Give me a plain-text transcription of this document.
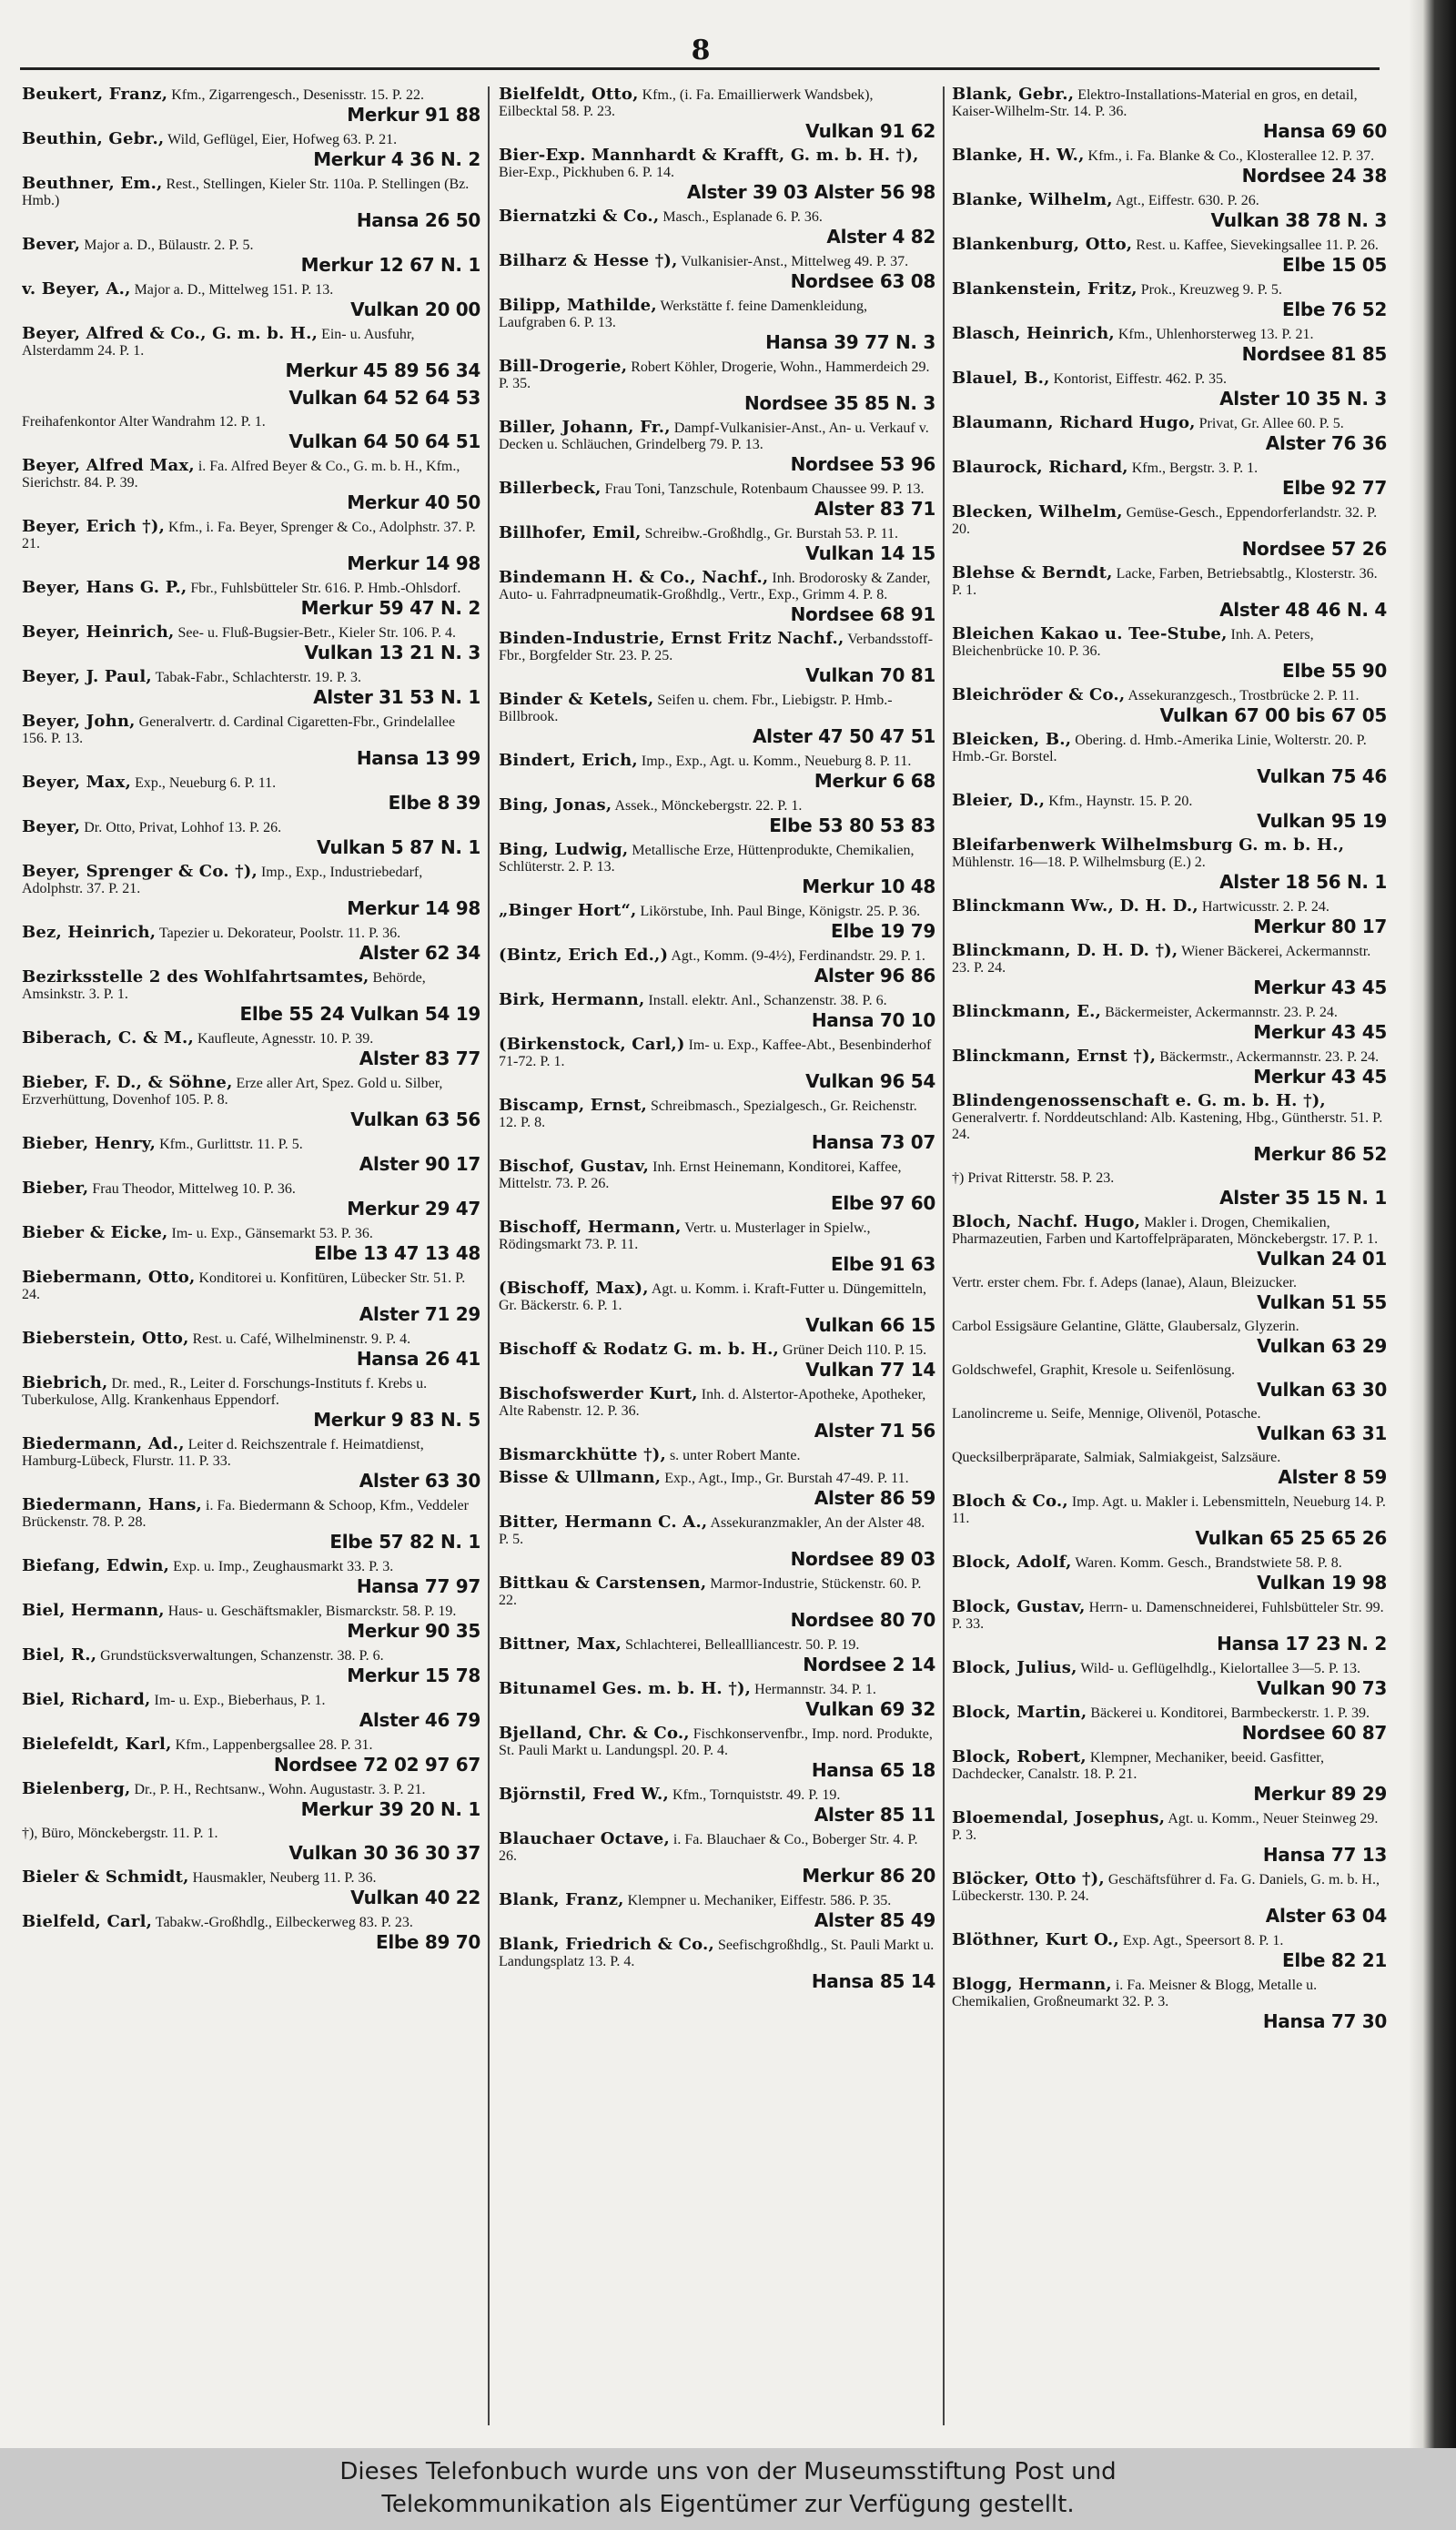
8
Beukert, Franz, Kfm., Zigarrengesch., Desenisstr. 15. P. 22.
Merkur 91 88
Beuthin, Gebr., Wild, Geflügel, Eier, Hofweg 63. P. 21.
Merkur 4 36 N. 2
Beuthner, Em., Rest., Stellingen, Kieler Str. 110a. P. Stellingen (Bz. Hmb.)
Hansa 26 50
Bever, Major a. D., Bülaustr. 2. P. 5.
Merkur 12 67 N. 1
v. Beyer, A., Major a. D., Mittelweg 151. P. 13.
Vulkan 20 00
Beyer, Alfred & Co., G. m. b. H., Ein- u. Ausfuhr, Alsterdamm 24. P. 1.
Merkur 45 89 56 34
Vulkan 64 52 64 53
Freihafenkontor Alter Wandrahm 12. P. 1.
Vulkan 64 50 64 51
Beyer, Alfred Max, i. Fa. Alfred Beyer & Co., G. m. b. H., Kfm., Sierichstr. 84. P. 39.
Merkur 40 50
Beyer, Erich †), Kfm., i. Fa. Beyer, Sprenger & Co., Adolphstr. 37. P. 21.
Merkur 14 98
Beyer, Hans G. P., Fbr., Fuhlsbütteler Str. 616. P. Hmb.-Ohlsdorf.
Merkur 59 47 N. 2
Beyer, Heinrich, See- u. Fluß-Bugsier-Betr., Kieler Str. 106. P. 4.
Vulkan 13 21 N. 3
Beyer, J. Paul, Tabak-Fabr., Schlachterstr. 19. P. 3.
Alster 31 53 N. 1
Beyer, John, Generalvertr. d. Cardinal Cigaretten-Fbr., Grindelallee 156. P. 13.
Hansa 13 99
Beyer, Max, Exp., Neueburg 6. P. 11.
Elbe 8 39
Beyer, Dr. Otto, Privat, Lohhof 13. P. 26.
Vulkan 5 87 N. 1
Beyer, Sprenger & Co. †), Imp., Exp., Industriebedarf, Adolphstr. 37. P. 21.
Merkur 14 98
Bez, Heinrich, Tapezier u. Dekorateur, Poolstr. 11. P. 36.
Alster 62 34
Bezirksstelle 2 des Wohlfahrtsamtes, Behörde, Amsinkstr. 3. P. 1.
Elbe 55 24 Vulkan 54 19
Biberach, C. & M., Kaufleute, Agnesstr. 10. P. 39.
Alster 83 77
Bieber, F. D., & Söhne, Erze aller Art, Spez. Gold u. Silber, Erzverhüttung, Dovenhof 105. P. 8.
Vulkan 63 56
Bieber, Henry, Kfm., Gurlittstr. 11. P. 5.
Alster 90 17
Bieber, Frau Theodor, Mittelweg 10. P. 36.
Merkur 29 47
Bieber & Eicke, Im- u. Exp., Gänsemarkt 53. P. 36.
Elbe 13 47 13 48
Biebermann, Otto, Konditorei u. Konfitüren, Lübecker Str. 51. P. 24.
Alster 71 29
Bieberstein, Otto, Rest. u. Café, Wilhelminenstr. 9. P. 4.
Hansa 26 41
Biebrich, Dr. med., R., Leiter d. Forschungs-Instituts f. Krebs u. Tuberkulose, Allg. Krankenhaus Eppendorf.
Merkur 9 83 N. 5
Biedermann, Ad., Leiter d. Reichszentrale f. Heimatdienst, Hamburg-Lübeck, Flurstr. 11. P. 33.
Alster 63 30
Biedermann, Hans, i. Fa. Biedermann & Schoop, Kfm., Veddeler Brückenstr. 78. P. 28.
Elbe 57 82 N. 1
Biefang, Edwin, Exp. u. Imp., Zeughausmarkt 33. P. 3.
Hansa 77 97
Biel, Hermann, Haus- u. Geschäftsmakler, Bismarckstr. 58. P. 19.
Merkur 90 35
Biel, R., Grundstücksverwaltungen, Schanzenstr. 38. P. 6.
Merkur 15 78
Biel, Richard, Im- u. Exp., Bieberhaus, P. 1.
Alster 46 79
Bielefeldt, Karl, Kfm., Lappenbergsallee 28. P. 31.
Nordsee 72 02 97 67
Bielenberg, Dr., P. H., Rechtsanw., Wohn. Augustastr. 3. P. 21.
Merkur 39 20 N. 1
†), Büro, Mönckebergstr. 11. P. 1.
Vulkan 30 36 30 37
Bieler & Schmidt, Hausmakler, Neuberg 11. P. 36.
Vulkan 40 22
Bielfeld, Carl, Tabakw.-Großhdlg., Eilbeckerweg 83. P. 23.
Elbe 89 70
Bielfeldt, Otto, Kfm., (i. Fa. Emaillierwerk Wandsbek), Eilbecktal 58. P. 23.
Vulkan 91 62
Bier-Exp. Mannhardt & Krafft, G. m. b. H. †), Bier-Exp., Pickhuben 6. P. 14.
Alster 39 03 Alster 56 98
Biernatzki & Co., Masch., Esplanade 6. P. 36.
Alster 4 82
Bilharz & Hesse †), Vulkanisier-Anst., Mittelweg 49. P. 37.
Nordsee 63 08
Bilipp, Mathilde, Werkstätte f. feine Damenkleidung, Laufgraben 6. P. 13.
Hansa 39 77 N. 3
Bill-Drogerie, Robert Köhler, Drogerie, Wohn., Hammerdeich 29. P. 35.
Nordsee 35 85 N. 3
Biller, Johann, Fr., Dampf-Vulkanisier-Anst., An- u. Verkauf v. Decken u. Schläuchen, Grindelberg 79. P. 13.
Nordsee 53 96
Billerbeck, Frau Toni, Tanzschule, Rotenbaum Chaussee 99. P. 13.
Alster 83 71
Billhofer, Emil, Schreibw.-Großhdlg., Gr. Burstah 53. P. 11.
Vulkan 14 15
Bindemann H. & Co., Nachf., Inh. Brodorosky & Zander, Auto- u. Fahrradpneumatik-Großhdlg., Vertr., Exp., Grimm 4. P. 8.
Nordsee 68 91
Binden-Industrie, Ernst Fritz Nachf., Verbandsstoff-Fbr., Borgfelder Str. 23. P. 25.
Vulkan 70 81
Binder & Ketels, Seifen u. chem. Fbr., Liebigstr. P. Hmb.-Billbrook.
Alster 47 50 47 51
Bindert, Erich, Imp., Exp., Agt. u. Komm., Neueburg 8. P. 11.
Merkur 6 68
Bing, Jonas, Assek., Mönckebergstr. 22. P. 1.
Elbe 53 80 53 83
Bing, Ludwig, Metallische Erze, Hüttenprodukte, Chemikalien, Schlüterstr. 2. P. 13.
Merkur 10 48
„Binger Hort“, Likörstube, Inh. Paul Binge, Königstr. 25. P. 36.
Elbe 19 79
(Bintz, Erich Ed.,) Agt., Komm. (9-4½), Ferdinandstr. 29. P. 1.
Alster 96 86
Birk, Hermann, Install. elektr. Anl., Schanzenstr. 38. P. 6.
Hansa 70 10
(Birkenstock, Carl,) Im- u. Exp., Kaffee-Abt., Besenbinderhof 71-72. P. 1.
Vulkan 96 54
Biscamp, Ernst, Schreibmasch., Spezialgesch., Gr. Reichenstr. 12. P. 8.
Hansa 73 07
Bischof, Gustav, Inh. Ernst Heinemann, Konditorei, Kaffee, Mittelstr. 73. P. 26.
Elbe 97 60
Bischoff, Hermann, Vertr. u. Musterlager in Spielw., Rödingsmarkt 73. P. 11.
Elbe 91 63
(Bischoff, Max), Agt. u. Komm. i. Kraft-Futter u. Düngemitteln, Gr. Bäckerstr. 6. P. 1.
Vulkan 66 15
Bischoff & Rodatz G. m. b. H., Grüner Deich 110. P. 15.
Vulkan 77 14
Bischofswerder Kurt, Inh. d. Alstertor-Apotheke, Apotheker, Alte Rabenstr. 12. P. 36.
Alster 71 56
Bismarckhütte †), s. unter Robert Mante.
Bisse & Ullmann, Exp., Agt., Imp., Gr. Burstah 47-49. P. 11.
Alster 86 59
Bitter, Hermann C. A., Assekuranzmakler, An der Alster 48. P. 5.
Nordsee 89 03
Bittkau & Carstensen, Marmor-Industrie, Stückenstr. 60. P. 22.
Nordsee 80 70
Bittner, Max, Schlachterei, Belleallliancestr. 50. P. 19.
Nordsee 2 14
Bitunamel Ges. m. b. H. †), Hermannstr. 34. P. 1.
Vulkan 69 32
Bjelland, Chr. & Co., Fischkonservenfbr., Imp. nord. Produkte, St. Pauli Markt u. Landungspl. 20. P. 4.
Hansa 65 18
Björnstil, Fred W., Kfm., Tornquiststr. 49. P. 19.
Alster 85 11
Blauchaer Octave, i. Fa. Blauchaer & Co., Boberger Str. 4. P. 26.
Merkur 86 20
Blank, Franz, Klempner u. Mechaniker, Eiffestr. 586. P. 35.
Alster 85 49
Blank, Friedrich & Co., Seefischgroßhdlg., St. Pauli Markt u. Landungsplatz 13. P. 4.
Hansa 85 14
Blank, Gebr., Elektro-Installations-Material en gros, en detail, Kaiser-Wilhelm-Str. 14. P. 36.
Hansa 69 60
Blanke, H. W., Kfm., i. Fa. Blanke & Co., Klosterallee 12. P. 37.
Nordsee 24 38
Blanke, Wilhelm, Agt., Eiffestr. 630. P. 26.
Vulkan 38 78 N. 3
Blankenburg, Otto, Rest. u. Kaffee, Sievekingsallee 11. P. 26.
Elbe 15 05
Blankenstein, Fritz, Prok., Kreuzweg 9. P. 5.
Elbe 76 52
Blasch, Heinrich, Kfm., Uhlenhorsterweg 13. P. 21.
Nordsee 81 85
Blauel, B., Kontorist, Eiffestr. 462. P. 35.
Alster 10 35 N. 3
Blaumann, Richard Hugo, Privat, Gr. Allee 60. P. 5.
Alster 76 36
Blaurock, Richard, Kfm., Bergstr. 3. P. 1.
Elbe 92 77
Blecken, Wilhelm, Gemüse-Gesch., Eppendorferlandstr. 32. P. 20.
Nordsee 57 26
Blehse & Berndt, Lacke, Farben, Betriebsabtlg., Klosterstr. 36. P. 1.
Alster 48 46 N. 4
Bleichen Kakao u. Tee-Stube, Inh. A. Peters, Bleichenbrücke 10. P. 36.
Elbe 55 90
Bleichröder & Co., Assekuranzgesch., Trostbrücke 2. P. 11.
Vulkan 67 00 bis 67 05
Bleicken, B., Obering. d. Hmb.-Amerika Linie, Wolterstr. 20. P. Hmb.-Gr. Borstel.
Vulkan 75 46
Bleier, D., Kfm., Haynstr. 15. P. 20.
Vulkan 95 19
Bleifarbenwerk Wilhelmsburg G. m. b. H., Mühlenstr. 16—18. P. Wilhelmsburg (E.) 2.
Alster 18 56 N. 1
Blinckmann Ww., D. H. D., Hartwicusstr. 2. P. 24.
Merkur 80 17
Blinckmann, D. H. D. †), Wiener Bäckerei, Ackermannstr. 23. P. 24.
Merkur 43 45
Blinckmann, E., Bäckermeister, Ackermannstr. 23. P. 24.
Merkur 43 45
Blinckmann, Ernst †), Bäckermstr., Ackermannstr. 23. P. 24.
Merkur 43 45
Blindengenossenschaft e. G. m. b. H. †), Generalvertr. f. Norddeutschland: Alb. Kastening, Hbg., Güntherstr. 51. P. 24.
Merkur 86 52
†) Privat Ritterstr. 58. P. 23.
Alster 35 15 N. 1
Bloch, Nachf. Hugo, Makler i. Drogen, Chemikalien, Pharmazeutien, Farben und Kartoffelpräparaten, Mönckebergstr. 17. P. 1.
Vulkan 24 01
Vertr. erster chem. Fbr. f. Adeps (lanae), Alaun, Bleizucker.
Vulkan 51 55
Carbol Essigsäure Gelantine, Glätte, Glaubersalz, Glyzerin.
Vulkan 63 29
Goldschwefel, Graphit, Kresole u. Seifenlösung.
Vulkan 63 30
Lanolincreme u. Seife, Mennige, Olivenöl, Potasche.
Vulkan 63 31
Quecksilberpräparate, Salmiak, Salmiakgeist, Salzsäure.
Alster 8 59
Bloch & Co., Imp. Agt. u. Makler i. Lebensmitteln, Neueburg 14. P. 11.
Vulkan 65 25 65 26
Block, Adolf, Waren. Komm. Gesch., Brandstwiete 58. P. 8.
Vulkan 19 98
Block, Gustav, Herrn- u. Damenschneiderei, Fuhlsbütteler Str. 99. P. 33.
Hansa 17 23 N. 2
Block, Julius, Wild- u. Geflügelhdlg., Kielortallee 3—5. P. 13.
Vulkan 90 73
Block, Martin, Bäckerei u. Konditorei, Barmbeckerstr. 1. P. 39.
Nordsee 60 87
Block, Robert, Klempner, Mechaniker, beeid. Gasfitter, Dachdecker, Canalstr. 18. P. 21.
Merkur 89 29
Bloemendal, Josephus, Agt. u. Komm., Neuer Steinweg 29. P. 3.
Hansa 77 13
Blöcker, Otto †), Geschäftsführer d. Fa. G. Daniels, G. m. b. H., Lübeckerstr. 130. P. 24.
Alster 63 04
Blöthner, Kurt O., Exp. Agt., Speersort 8. P. 1.
Elbe 82 21
Blogg, Hermann, i. Fa. Meisner & Blogg, Metalle u. Chemikalien, Großneumarkt 32. P. 3.
Hansa 77 30
Dieses Telefonbuch wurde uns von der Museumsstiftung Post und
Telekommunikation als Eigentümer zur Verfügung gestellt.
